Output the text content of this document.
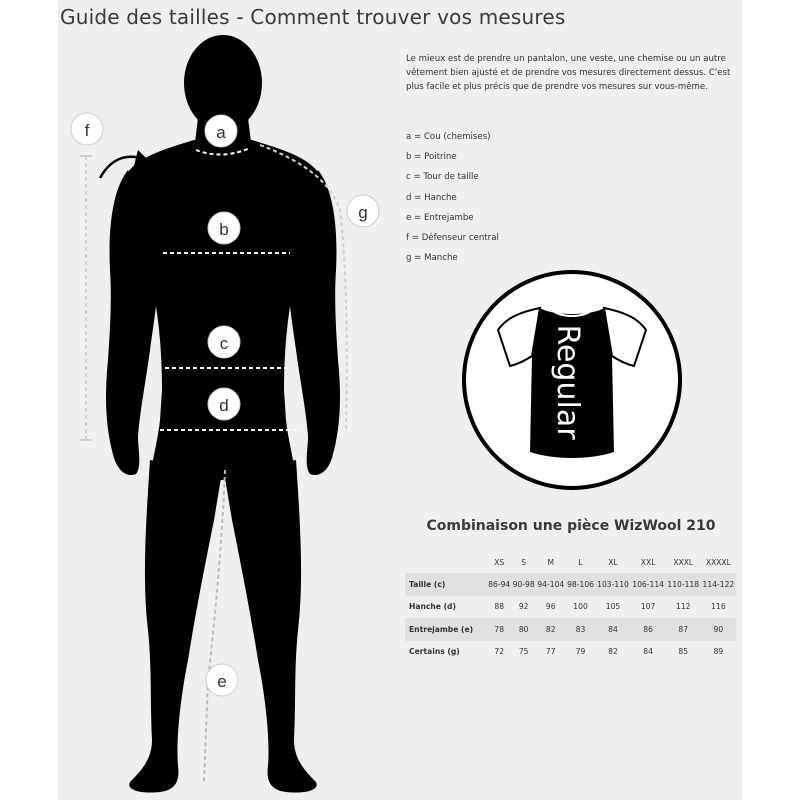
Guide des tailles - Comment trouver vos mesures
a
b
c
d
e
f
g
Le mieux est de prendre un pantalon, une veste, une chemise ou un autre vêtement bien ajusté et de prendre vos mesures directement dessus. C'est plus facile et plus précis que de prendre vos mesures sur vous-même.
a = Cou (chemises)
b = Poitrine
c = Tour de taille
d = Hanche
e = Entrejambe
f = Défenseur central
g = Manche
Regular
Combinaison une pièce WizWool 210
	XS	S	M	L	XL	XXL	XXXL	XXXXL
Taille (c)	86-94	90-98	94-104	98-106	103-110	106-114	110-118	114-122
Hanche (d)	88	92	96	100	105	107	112	116
Entrejambe (e)	78	80	82	83	84	86	87	90
Certains (g)	72	75	77	79	82	84	85	89
